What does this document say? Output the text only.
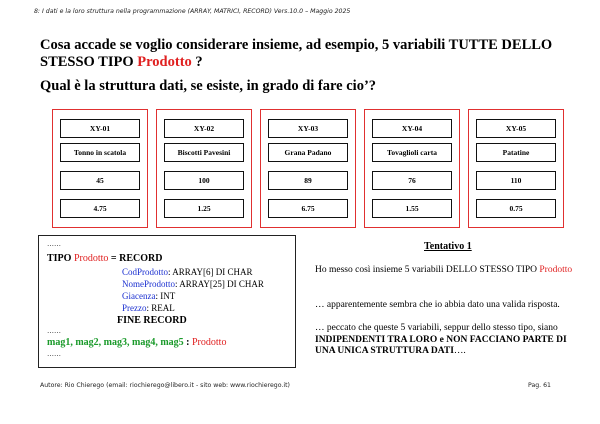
8: I dati e la loro struttura nella programmazione (ARRAY, MATRICI, RECORD) Vers.10.0 – Maggio 2025
Cosa accade se voglio considerare insieme, ad esempio, 5 variabili TUTTE DELLO STESSO TIPO Prodotto ?
Qual è la struttura dati, se esiste, in grado di fare cio’?
XY-01
Tonno in scatola
45
4.75
XY-02
Biscotti Pavesini
100
1.25
XY-03
Grana Padano
89
6.75
XY-04
Tovaglioli carta
76
1.55
XY-05
Patatine
110
0.75
……
TIPO Prodotto = RECORD
CodProdotto: ARRAY[6] DI CHAR
NomeProdotto: ARRAY[25] DI CHAR
Giacenza: INT
Prezzo: REAL
FINE RECORD
……
mag1, mag2, mag3, mag4, mag5 : Prodotto
……
Tentativo 1
Ho messo così insieme 5 variabili DELLO STESSO TIPO Prodotto
… apparentemente sembra che io abbia dato una valida risposta.
… peccato che queste 5 variabili, seppur dello stesso tipo, siano INDIPENDENTI TRA LORO e NON FACCIANO PARTE DI UNA UNICA STRUTTURA DATI….
Autore: Rio Chierego (email: riochierego@libero.it - sito web: www.riochierego.it)	Pag. 61
